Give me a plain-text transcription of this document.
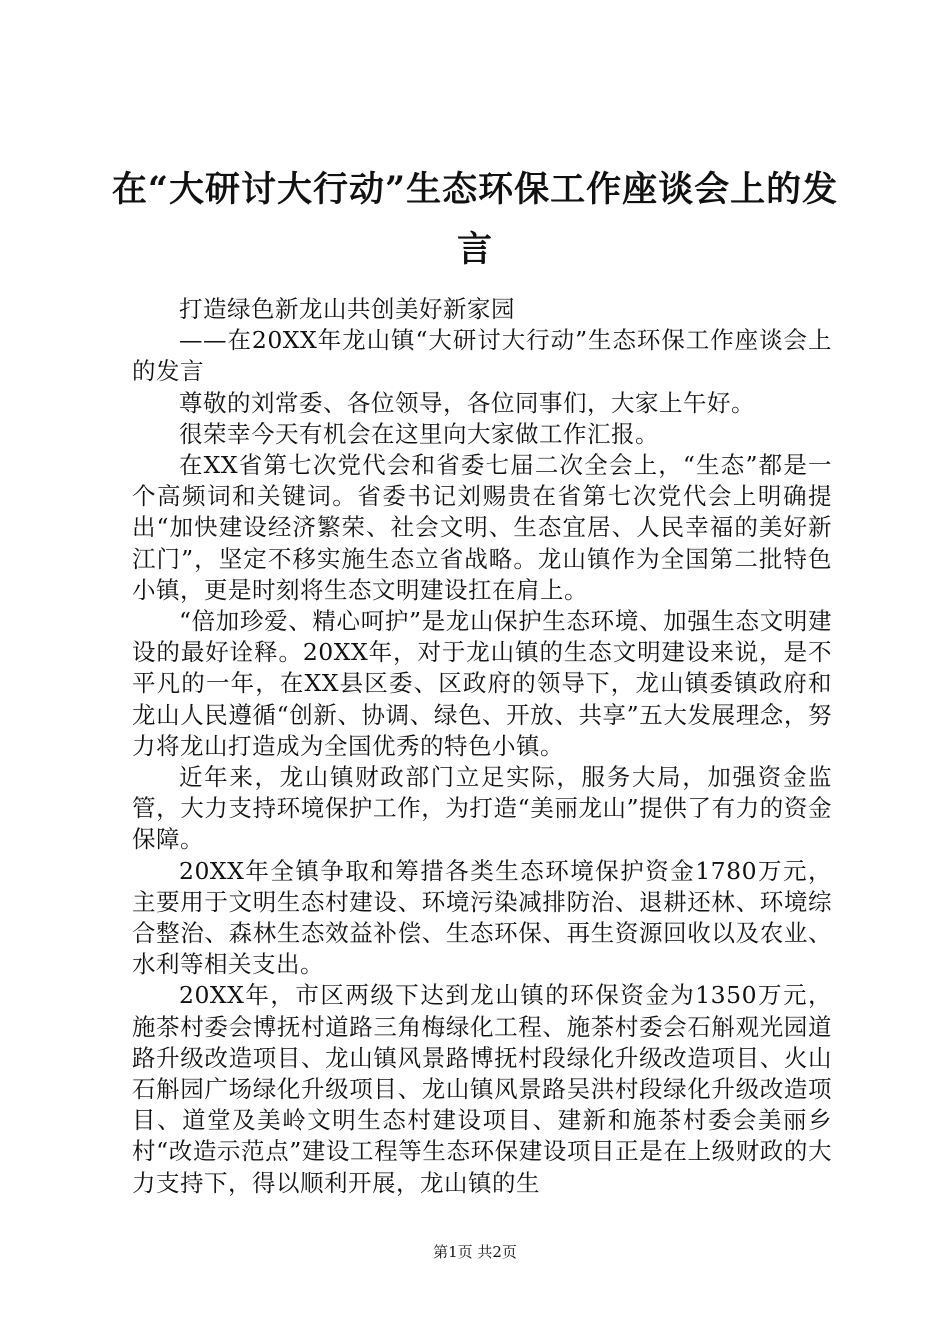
在“大研讨大行动”生态环保工作座谈会上的发言

打造绿色新龙山共创美好新家园

——在20XX年龙山镇“大研讨大行动”生态环保工作座谈会上的发言

尊敬的刘常委、各位领导，各位同事们，大家上午好。

很荣幸今天有机会在这里向大家做工作汇报。

在XX省第七次党代会和省委七届二次全会上，“生态”都是一个高频词和关键词。省委书记刘赐贵在省第七次党代会上明确提出“加快建设经济繁荣、社会文明、生态宜居、人民幸福的美好新江门”，坚定不移实施生态立省战略。龙山镇作为全国第二批特色小镇，更是时刻将生态文明建设扛在肩上。

“倍加珍爱、精心呵护”是龙山保护生态环境、加强生态文明建设的最好诠释。20XX年，对于龙山镇的生态文明建设来说，是不平凡的一年，在XX县区委、区政府的领导下，龙山镇委镇政府和龙山人民遵循“创新、协调、绿色、开放、共享”五大发展理念，努力将龙山打造成为全国优秀的特色小镇。

近年来，龙山镇财政部门立足实际，服务大局，加强资金监管，大力支持环境保护工作，为打造“美丽龙山”提供了有力的资金保障。

20XX年全镇争取和筹措各类生态环境保护资金1780万元，主要用于文明生态村建设、环境污染减排防治、退耕还林、环境综合整治、森林生态效益补偿、生态环保、再生资源回收以及农业、水利等相关支出。

20XX年，市区两级下达到龙山镇的环保资金为1350万元，施茶村委会博抚村道路三角梅绿化工程、施茶村委会石斛观光园道路升级改造项目、龙山镇风景路博抚村段绿化升级改造项目、火山石斛园广场绿化升级项目、龙山镇风景路吴洪村段绿化升级改造项目、道堂及美岭文明生态村建设项目、建新和施茶村委会美丽乡村“改造示范点”建设工程等生态环保建设项目正是在上级财政的大力支持下，得以顺利开展，龙山镇的生

第1页 共2页
